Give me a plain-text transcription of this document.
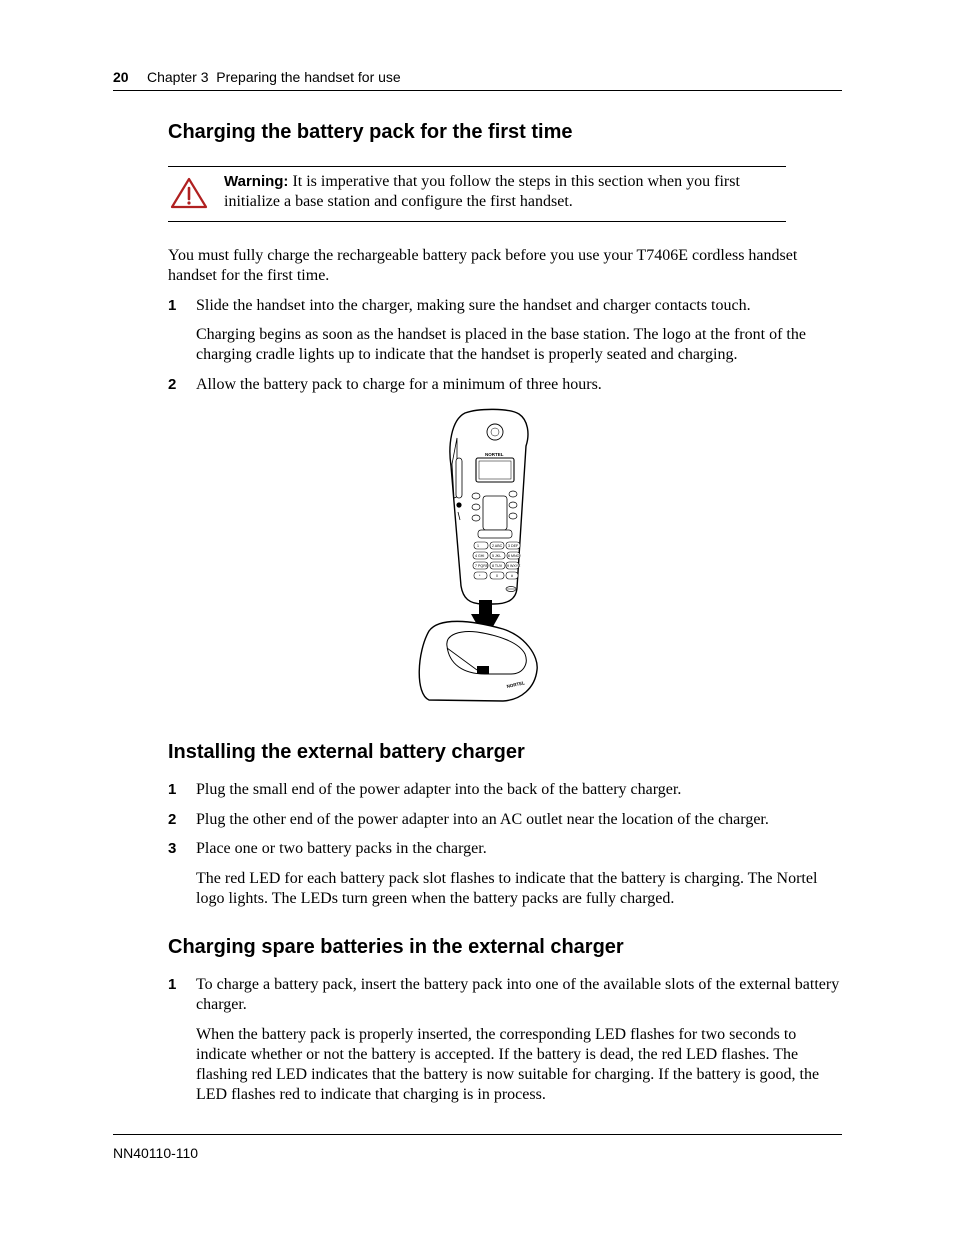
20 Chapter 3  Preparing the handset for use
Charging the battery pack for the first time
Warning: It is imperative that you follow the steps in this section when you first initialize a base station and configure the first handset.
You must fully charge the rechargeable battery pack before you use your T7406E cordless handset handset for the first time.
1 Slide the handset into the charger, making sure the handset and charger contacts touch.
Charging begins as soon as the handset is placed in the base station. The logo at the front of the charging cradle lights up to indicate that the handset is properly seated and charging.
2 Allow the battery pack to charge for a minimum of three hours.
NORTEL
1	2 ABC 3 DEF
4 GHI 5 JKL 6 MNO
7 PQRS 8 TUV 9 WXYZ
*	0	#
NORTEL
Installing the external battery charger
1 Plug the small end of the power adapter into the back of the battery charger.
2 Plug the other end of the power adapter into an AC outlet near the location of the charger.
3 Place one or two battery packs in the charger.
The red LED for each battery pack slot flashes to indicate that the battery is charging. The Nortel logo lights. The LEDs turn green when the battery packs are fully charged.
Charging spare batteries in the external charger
1 To charge a battery pack, insert the battery pack into one of the available slots of the external battery charger.
When the battery pack is properly inserted, the corresponding LED flashes for two seconds to indicate whether or not the battery is accepted. If the battery is dead, the red LED flashes. The flashing red LED indicates that the battery is now suitable for charging. If the battery is good, the LED flashes red to indicate that charging is in process.
NN40110-110
